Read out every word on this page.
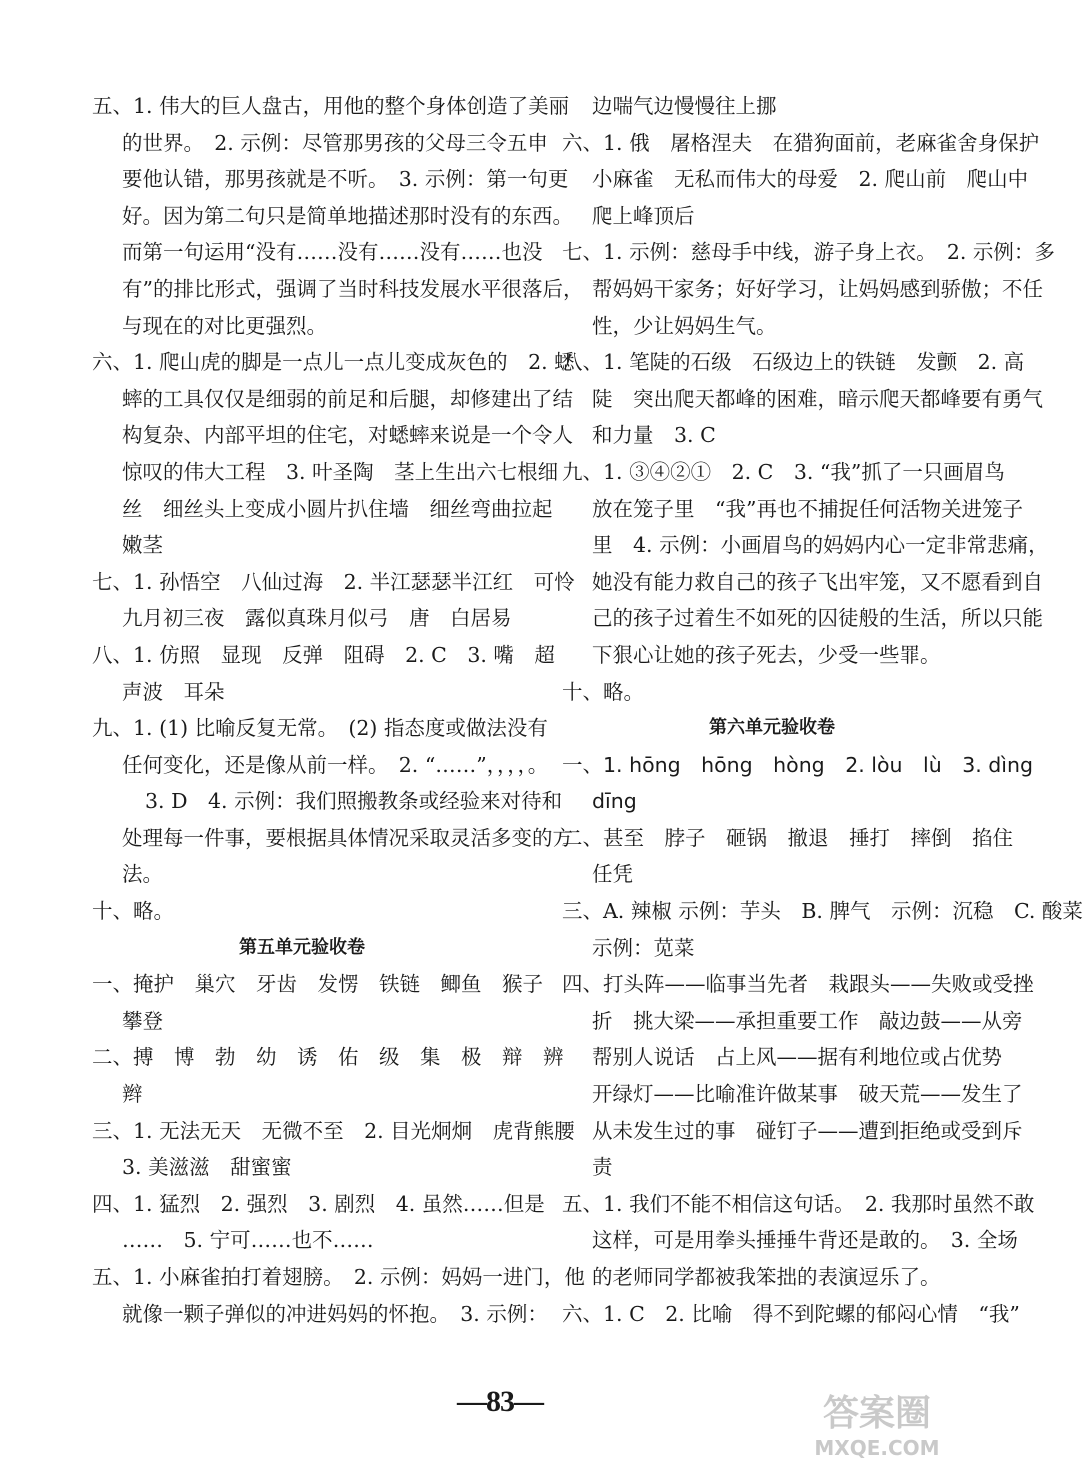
五、1. 伟大的巨人盘古，用他的整个身体创造了美丽
的世界。　2. 示例：尽管那男孩的父母三令五申
要他认错，那男孩就是不听。　3. 示例：第一句更
好。因为第二句只是简单地描述那时没有的东西。
而第一句运用“没有……没有……没有……也没
有”的排比形式，强调了当时科技发展水平很落后，
与现在的对比更强烈。
六、1. 爬山虎的脚是一点儿一点儿变成灰色的　2. 蟋
蟀的工具仅仅是细弱的前足和后腿，却修建出了结
构复杂、内部平坦的住宅，对蟋蟀来说是一个令人
惊叹的伟大工程　3. 叶圣陶　茎上生出六七根细
丝　细丝头上变成小圆片扒住墙　细丝弯曲拉起
嫩茎
七、1. 孙悟空　八仙过海　2. 半江瑟瑟半江红　可怜
九月初三夜　露似真珠月似弓　唐　白居易
八、1. 仿照　显现　反弹　阻碍　2. C　3. 嘴　超
声波　耳朵
九、1. (1) 比喻反复无常。　(2) 指态度或做法没有
任何变化，还是像从前一样。　2. “……”，，，，。
3. D　4. 示例：我们照搬教条或经验来对待和
处理每一件事，要根据具体情况采取灵活多变的方
法。
十、略。
第五单元验收卷
一、掩护　巢穴　牙齿　发愣　铁链　鲫鱼　猴子
攀登
二、搏　博　勃　幼　诱　佑　级　集　极　辩　辨
辫
三、1. 无法无天　无微不至　2. 目光炯炯　虎背熊腰
3. 美滋滋　甜蜜蜜
四、1. 猛烈　2. 强烈　3. 剧烈　4. 虽然……但是
……　5. 宁可……也不……
五、1. 小麻雀拍打着翅膀。　2. 示例：妈妈一进门，他
就像一颗子弹似的冲进妈妈的怀抱。　3. 示例：
边喘气边慢慢往上挪
六、1. 俄　屠格涅夫　在猎狗面前，老麻雀舍身保护
小麻雀　无私而伟大的母爱　2. 爬山前　爬山中
爬上峰顶后
七、1. 示例：慈母手中线，游子身上衣。　2. 示例：多
帮妈妈干家务；好好学习，让妈妈感到骄傲；不任
性，少让妈妈生气。
八、1. 笔陡的石级　石级边上的铁链　发颤　2. 高
陡　突出爬天都峰的困难，暗示爬天都峰要有勇气
和力量　3. C
九、1. ③④②①　2. C　3. “我”抓了一只画眉鸟
放在笼子里　“我”再也不捕捉任何活物关进笼子
里　4. 示例：小画眉鸟的妈妈内心一定非常悲痛，
她没有能力救自己的孩子飞出牢笼，又不愿看到自
己的孩子过着生不如死的囚徒般的生活，所以只能
下狠心让她的孩子死去，少受一些罪。
十、略。
第六单元验收卷
一、1. hōng　hōng　hòng　2. lòu　lù　3. dìng
dīng
二、甚至　脖子　砸锅　撤退　捶打　摔倒　掐住
任凭
三、A. 辣椒 示例：芋头　B. 脾气　示例：沉稳　C. 酸菜
示例：苋菜
四、打头阵——临事当先者　栽跟头——失败或受挫
折　挑大梁——承担重要工作　敲边鼓——从旁
帮别人说话　占上风——据有利地位或占优势
开绿灯——比喻准许做某事　破天荒——发生了
从未发生过的事　碰钉子——遭到拒绝或受到斥
责
五、1. 我们不能不相信这句话。　2. 我那时虽然不敢
这样，可是用拳头捶捶牛背还是敢的。　3. 全场
的老师同学都被我笨拙的表演逗乐了。
六、1. C　2. 比喻　得不到陀螺的郁闷心情　“我”
—83—	答案圈
MXQE.COM
